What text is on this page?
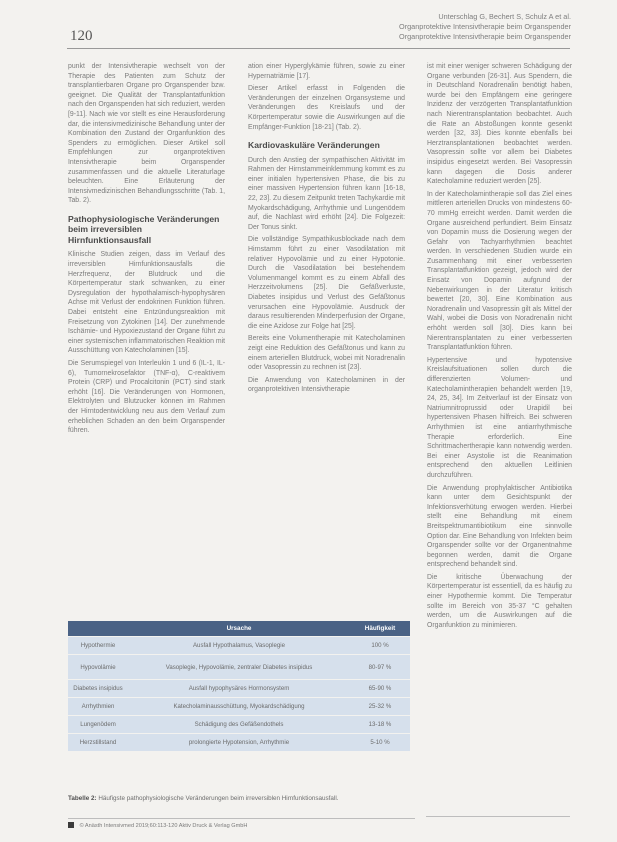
120
Unterschlag G, Bechert S, Schulz A et al.
Organprotektive Intensivtherapie beim Organspender
Organprotektive Intensivtherapie beim Organspender

punkt der Intensivtherapie wechselt von der Therapie des Patienten zum Schutz der transplantierbaren Organe pro Organspender bzw. geeignet. Die Qualität der Transplantatfunktion nach den Organspenden hat sich reduziert, werden [9-11]. Nach wie vor stellt es eine Herausforderung dar, die intensivmedizinische Behandlung unter der Kombination den Zustand der Organfunktion des Spenders zu ermöglichen. Dieser Artikel soll Empfehlungen zur organprotektiven Intensivtherapie beim Organspender zusammenfassen und die aktuelle Literaturlage beleuchten. Eine Erläuterung der Intensivmedizinischen Behandlungsschritte (Tab. 1, Tab. 2).

Pathophysiologische Veränderungen beim irreversiblen Hirnfunktionsausfall

Klinische Studien zeigen, dass im Verlauf des irreversiblen Hirnfunktionsausfalls die Herzfrequenz, der Blutdruck und die Körpertemperatur stark schwanken, zu einer Dysregulation der hypothalamisch-hypophysären Achse mit Verlust der endokrinen Funktion führen. Dabei entsteht eine Entzündungsreaktion mit Freisetzung von Zytokinen [14]. Der zunehmende Ischämie- und Hypoxiezustand der Organe führt zu einer systemischen inflammatorischen Reaktion mit Ausschüttung von Katecholaminen [15].

Die Serumspiegel von Interleukin 1 und 6 (IL-1, IL-6), Tumornekrosefaktor (TNF-α), C-reaktivem Protein (CRP) und Procalcitonin (PCT) sind stark erhöht [16]. Die Veränderungen von Hormonen, Elektrolyten und Blutzucker können im Rahmen der Hirntodentwicklung neu aus dem Verlauf zum erheblichen Schaden an den beim Organspender führen.

ation einer Hyperglykämie führen, sowie zu einer Hypernatriämie [17].

Dieser Artikel erfasst in Folgenden die Veränderungen der einzelnen Organsysteme und Veränderungen des Kreislaufs und der Körpertemperatur sowie die Auswirkungen auf die Empfänger-Funktion [18-21] (Tab. 2).

Kardiovaskuläre Veränderungen

Durch den Anstieg der sympathischen Aktivität im Rahmen der Hirnstammeinklemmung kommt es zu einer initialen hypertensiven Phase, die bis zu einer massiven Hypertension führen kann [16-18, 22, 23]. Zu diesem Zeitpunkt treten Tachykardie mit Myokardschädigung, Arrhythmie und Lungenödem auf, die Nachlast wird erhöht [24]. Die Folgezeit: Der Tonus sinkt.

Die vollständige Sympathikusblockade nach dem Hirnstamm führt zu einer Vasodilatation mit relativer Hypovolämie und zu einer Hypotonie. Durch die Vasodilatation bei bestehendem Volumenmangel kommt es zu einem Abfall des Herzzeitvolumens [25]. Die Gefäßverluste, Diabetes insipidus und Verlust des Gefäßtonus verursachen eine Hypovolämie. Ausdruck der daraus resultierenden Minderperfusion der Organe, die eine Azidose zur Folge hat [25].

Bereits eine Volumentherapie mit Katecholaminen zeigt eine Reduktion des Gefäßtonus und kann zu einem arteriellen Blutdruck, wobei mit Noradrenalin oder Vasopressin zu rechnen ist [23].

Die Anwendung von Katecholaminen in der organprotektiven Intensivtherapie

ist mit einer weniger schweren Schädigung der Organe verbunden [26-31]. Aus Spendern, die in Deutschland Noradrenalin benötigt haben, wurde bei den Empfängern eine geringere Inzidenz der verzögerten Transplantatfunktion nach Nierentransplantation beobachtet. Auch die Rate an Abstoßungen konnte gesenkt werden [32, 33]. Dies konnte ebenfalls bei Herztransplantationen beobachtet werden. Vasopressin sollte vor allem bei Diabetes insipidus eingesetzt werden. Bei Vasopressin kann dagegen die Dosis anderer Katecholamine reduziert werden [25].

In der Katecholamintherapie soll das Ziel eines mittleren arteriellen Drucks von mindestens 60-70 mmHg erreicht werden. Damit werden die Organe ausreichend perfundiert. Beim Einsatz von Dopamin muss die Dosierung wegen der Gefahr von Tachyarrhythmien beachtet werden. In verschiedenen Studien wurde ein Zusammenhang mit einer verbesserten Transplantatfunktion gezeigt, jedoch wird der Einsatz von Dopamin aufgrund der Nebenwirkungen in der Literatur kritisch bewertet [20, 30]. Eine Kombination aus Noradrenalin und Vasopressin gilt als Mittel der Wahl, wobei die Dosis von Noradrenalin nicht erhöht werden soll [30]. Dies kann bei Nierentransplantaten zu einer verbesserten Transplantatfunktion führen.

Hypertensive und hypotensive Kreislaufsituationen sollen durch die differenzierten Volumen- und Katecholamintherapien behandelt werden [19, 24, 25, 34]. Im Zeitverlauf ist der Einsatz von Natriumnitroprussid oder Urapidil bei hypertensiven Phasen hilfreich. Bei schweren Arrhythmien ist eine antiarrhythmische Therapie erforderlich. Eine Schrittmachertherapie kann notwendig werden. Bei einer Asystolie ist die Reanimation entsprechend den aktuellen Leitlinien durchzuführen.

Die Anwendung prophylaktischer Antibiotika kann unter dem Gesichtspunkt der Infektionsverhütung erwogen werden. Hierbei stellt eine Behandlung mit einem Breitspektrumantibiotikum eine sinnvolle Option dar. Eine Behandlung von Infekten beim Organspender sollte vor der Organentnahme begonnen werden, damit die Organe entsprechend behandelt sind.

Die kritische Überwachung der Körpertemperatur ist essentiell, da es häufig zu einer Hypothermie kommt. Die Temperatur sollte im Bereich von 35-37 °C gehalten werden, um die Auswirkungen auf die Organfunktion zu minimieren.

	Ursache	Häufigkeit
Hypothermie	Ausfall Hypothalamus, Vasoplegie	100 %
Hypovolämie	Vasoplegie, Hypovolämie, zentraler Diabetes insipidus	80-97 %
Diabetes insipidus	Ausfall hypophysäres Hormonsystem	65-90 %
Arrhythmien	Katecholaminausschüttung, Myokardschädigung	25-32 %
Lungenödem	Schädigung des Gefäßendothels	13-18 %
Herzstillstand	prolongierte Hypotension, Arrhythmie	5-10 %
Tabelle 2: Häufigste pathophysiologische Veränderungen beim irreversiblen Hirnfunktionsausfall.
© Anästh Intensivmed 2019;60:113-120 Aktiv Druck & Verlag GmbH
